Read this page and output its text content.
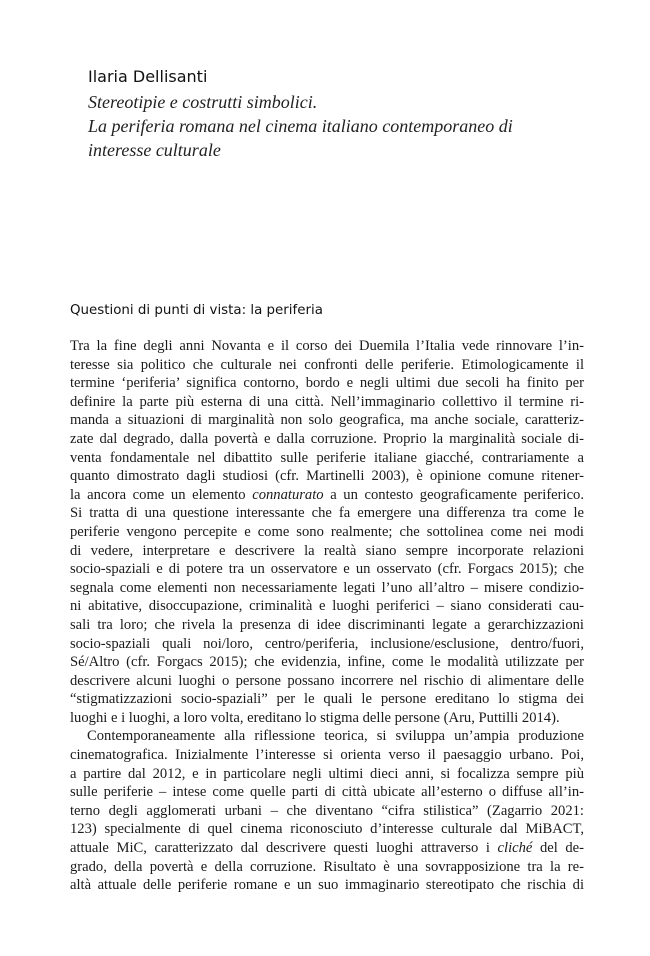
Ilaria Dellisanti
Stereotipie e costrutti simbolici.
La periferia romana nel cinema italiano contemporaneo di
interesse culturale
Questioni di punti di vista: la periferia
Tra la fine degli anni Novanta e il corso dei Duemila l’Italia vede rinnovare l’in-
teresse sia politico che culturale nei confronti delle periferie. Etimologicamente il
termine ‘periferia’ significa contorno, bordo e negli ultimi due secoli ha finito per
definire la parte più esterna di una città. Nell’immaginario collettivo il termine ri-
manda a situazioni di marginalità non solo geografica, ma anche sociale, caratteriz-
zate dal degrado, dalla povertà e dalla corruzione. Proprio la marginalità sociale di-
venta fondamentale nel dibattito sulle periferie italiane giacché, contrariamente a
quanto dimostrato dagli studiosi (cfr. Martinelli 2003), è opinione comune ritener-
la ancora come un elemento connaturato a un contesto geograficamente periferico.
Si tratta di una questione interessante che fa emergere una differenza tra come le
periferie vengono percepite e come sono realmente; che sottolinea come nei modi
di vedere, interpretare e descrivere la realtà siano sempre incorporate relazioni
socio-spaziali e di potere tra un osservatore e un osservato (cfr. Forgacs 2015); che
segnala come elementi non necessariamente legati l’uno all’altro – misere condizio-
ni abitative, disoccupazione, criminalità e luoghi periferici – siano considerati cau-
sali tra loro; che rivela la presenza di idee discriminanti legate a gerarchizzazioni
socio-spaziali quali noi/loro, centro/periferia, inclusione/esclusione, dentro/fuori,
Sé/Altro (cfr. Forgacs 2015); che evidenzia, infine, come le modalità utilizzate per
descrivere alcuni luoghi o persone possano incorrere nel rischio di alimentare delle
“stigmatizzazioni socio-spaziali” per le quali le persone ereditano lo stigma dei
luoghi e i luoghi, a loro volta, ereditano lo stigma delle persone (Aru, Puttilli 2014).
Contemporaneamente alla riflessione teorica, si sviluppa un’ampia produzione
cinematografica. Inizialmente l’interesse si orienta verso il paesaggio urbano. Poi,
a partire dal 2012, e in particolare negli ultimi dieci anni, si focalizza sempre più
sulle periferie – intese come quelle parti di città ubicate all’esterno o diffuse all’in-
terno degli agglomerati urbani – che diventano “cifra stilistica” (Zagarrio 2021:
123) specialmente di quel cinema riconosciuto d’interesse culturale dal MiBACT,
attuale MiC, caratterizzato dal descrivere questi luoghi attraverso i cliché del de-
grado, della povertà e della corruzione. Risultato è una sovrapposizione tra la re-
altà attuale delle periferie romane e un suo immaginario stereotipato che rischia di
